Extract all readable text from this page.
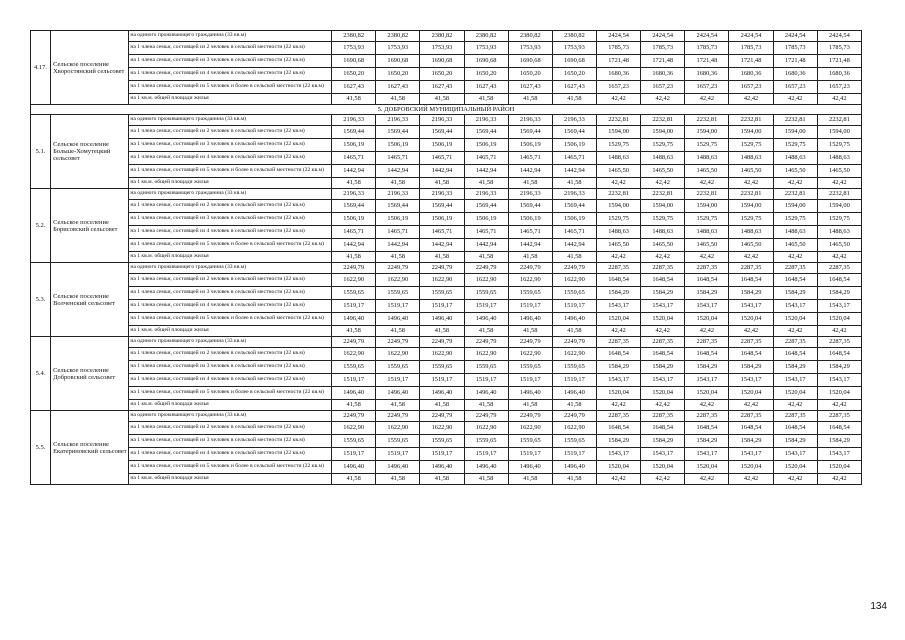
4.17.	Сельское поселение Хворостянский сельсовет	на одиного проживающего гражданина (33 кв.м)	2380,82	2380,82	2380,82	2380,82	2380,82	2380,82	2424,54	2424,54	2424,54	2424,54	2424,54	2424,54
		на 1 члена семьи, состоящей из 2 человек в сельской местности (22 кв.м)	1753,93	1753,93	1753,93	1753,93	1753,93	1753,93	1785,73	1785,73	1785,73	1785,73	1785,73	1785,73
		на 1 члена семьи, состоящей из 3 человек в сельской местности (22 кв.м)	1690,68	1690,68	1690,68	1690,68	1690,68	1690,68	1721,48	1721,48	1721,48	1721,48	1721,48	1721,48
		на 1 члена семьи, состоящей из 4 человек в сельской местности (22 кв.м)	1650,20	1650,20	1650,20	1650,20	1650,20	1650,20	1680,36	1680,36	1680,36	1680,36	1680,36	1680,36
		на 1 члена семьи, состоящей из 5 человек и более в сельской местности (22 кв.м)	1627,43	1627,43	1627,43	1627,43	1627,43	1627,43	1657,23	1657,23	1657,23	1657,23	1657,23	1657,23
		на 1 кв.м. общей площади жилья	41,58	41,58	41,58	41,58	41,58	41,58	42,42	42,42	42,42	42,42	42,42	42,42
5. ДОБРОВСКИЙ МУНИЦИПАЛЬНЫЙ РАЙОН														
5.1.	Сельское поселение Больше-Хомутецкий сельсовет	на одиного проживающего гражданина (33 кв.м)	2196,33	2196,33	2196,33	2196,33	2196,33	2196,33	2232,81	2232,81	2232,81	2232,81	2232,81	2232,81
		на 1 члена семьи, состоящей из 2 человек в сельской местности (22 кв.м)	1569,44	1569,44	1569,44	1569,44	1569,44	1569,44	1594,00	1594,00	1594,00	1594,00	1594,00	1594,00
		на 1 члена семьи, состоящей из 3 человек в сельской местности (22 кв.м)	1506,19	1506,19	1506,19	1506,19	1506,19	1506,19	1529,75	1529,75	1529,75	1529,75	1529,75	1529,75
		на 1 члена семьи, состоящей из 4 человек в сельской местности (22 кв.м)	1465,71	1465,71	1465,71	1465,71	1465,71	1465,71	1488,63	1488,63	1488,63	1488,63	1488,63	1488,63
		на 1 члена семьи, состоящей из 5 человек и более в сельской местности (22 кв.м)	1442,94	1442,94	1442,94	1442,94	1442,94	1442,94	1465,50	1465,50	1465,50	1465,50	1465,50	1465,50
		на 1 кв.м. общей площади жилья	41,58	41,58	41,58	41,58	41,58	41,58	42,42	42,42	42,42	42,42	42,42	42,42
5.2.	Сельское поселение Борисовский сельсовет	на одиного проживающего гражданина (33 кв.м)	2196,33	2196,33	2196,33	2196,33	2196,33	2196,33	2232,81	2232,81	2232,81	2232,81	2232,81	2232,81
		на 1 члена семьи, состоящей из 2 человек в сельской местности (22 кв.м)	1569,44	1569,44	1569,44	1569,44	1569,44	1569,44	1594,00	1594,00	1594,00	1594,00	1594,00	1594,00
		на 1 члена семьи, состоящей из 3 человек в сельской местности (22 кв.м)	1506,19	1506,19	1506,19	1506,19	1506,19	1506,19	1529,75	1529,75	1529,75	1529,75	1529,75	1529,75
		на 1 члена семьи, состоящей из 4 человек в сельской местности (22 кв.м)	1465,71	1465,71	1465,71	1465,71	1465,71	1465,71	1488,63	1488,63	1488,63	1488,63	1488,63	1488,63
		на 1 члена семьи, состоящей из 5 человек и более в сельской местности (22 кв.м)	1442,94	1442,94	1442,94	1442,94	1442,94	1442,94	1465,50	1465,50	1465,50	1465,50	1465,50	1465,50
		на 1 кв.м. общей площади жилья	41,58	41,58	41,58	41,58	41,58	41,58	42,42	42,42	42,42	42,42	42,42	42,42
5.3.	Сельское поселение Волченский сельсовет	на одиного проживающего гражданина (33 кв.м)	2249,79	2249,79	2249,79	2249,79	2249,79	2249,79	2287,35	2287,35	2287,35	2287,35	2287,35	2287,35
		на 1 члена семьи, состоящей из 2 человек в сельской местности (22 кв.м)	1622,90	1622,90	1622,90	1622,90	1622,90	1622,90	1648,54	1648,54	1648,54	1648,54	1648,54	1648,54
		на 1 члена семьи, состоящей из 3 человек в сельской местности (22 кв.м)	1559,65	1559,65	1559,65	1559,65	1559,65	1559,65	1584,29	1584,29	1584,29	1584,29	1584,29	1584,29
		на 1 члена семьи, состоящей из 4 человек в сельской местности (22 кв.м)	1519,17	1519,17	1519,17	1519,17	1519,17	1519,17	1543,17	1543,17	1543,17	1543,17	1543,17	1543,17
		на 1 члена семьи, состоящей из 5 человек и более в сельской местности (22 кв.м)	1496,40	1496,40	1496,40	1496,40	1496,40	1496,40	1520,04	1520,04	1520,04	1520,04	1520,04	1520,04
		на 1 кв.м. общей площади жилья	41,58	41,58	41,58	41,58	41,58	41,58	42,42	42,42	42,42	42,42	42,42	42,42
5.4.	Сельское поселение Добровский сельсовет	на одиного проживающего гражданина (33 кв.м)	2249,79	2249,79	2249,79	2249,79	2249,79	2249,79	2287,35	2287,35	2287,35	2287,35	2287,35	2287,35
		на 1 члена семьи, состоящей из 2 человек в сельской местности (22 кв.м)	1622,90	1622,90	1622,90	1622,90	1622,90	1622,90	1648,54	1648,54	1648,54	1648,54	1648,54	1648,54
		на 1 члена семьи, состоящей из 3 человек в сельской местности (22 кв.м)	1559,65	1559,65	1559,65	1559,65	1559,65	1559,65	1584,29	1584,29	1584,29	1584,29	1584,29	1584,29
		на 1 члена семьи, состоящей из 4 человек в сельской местности (22 кв.м)	1519,17	1519,17	1519,17	1519,17	1519,17	1519,17	1543,17	1543,17	1543,17	1543,17	1543,17	1543,17
		на 1 члена семьи, состоящей из 5 человек и более в сельской местности (22 кв.м)	1496,40	1496,40	1496,40	1496,40	1496,40	1496,40	1520,04	1520,04	1520,04	1520,04	1520,04	1520,04
		на 1 кв.м. общей площади жилья	41,58	41,58	41,58	41,58	41,58	41,58	42,42	42,42	42,42	42,42	42,42	42,42
5.5.	Сельское поселение Екатериновский сельсовет	на одиного проживающего гражданина (33 кв.м)	2249,79	2249,79	2249,79	2249,79	2249,79	2249,79	2287,35	2287,35	2287,35	2287,35	2287,35	2287,35
		на 1 члена семьи, состоящей из 2 человек в сельской местности (22 кв.м)	1622,90	1622,90	1622,90	1622,90	1622,90	1622,90	1648,54	1648,54	1648,54	1648,54	1648,54	1648,54
		на 1 члена семьи, состоящей из 3 человек в сельской местности (22 кв.м)	1559,65	1559,65	1559,65	1559,65	1559,65	1559,65	1584,29	1584,29	1584,29	1584,29	1584,29	1584,29
		на 1 члена семьи, состоящей из 4 человек в сельской местности (22 кв.м)	1519,17	1519,17	1519,17	1519,17	1519,17	1519,17	1543,17	1543,17	1543,17	1543,17	1543,17	1543,17
		на 1 члена семьи, состоящей из 5 человек и более в сельской местности (22 кв.м)	1496,40	1496,40	1496,40	1496,40	1496,40	1496,40	1520,04	1520,04	1520,04	1520,04	1520,04	1520,04
		на 1 кв.м. общей площади жилья	41,58	41,58	41,58	41,58	41,58	41,58	42,42	42,42	42,42	42,42	42,42	42,42
134
